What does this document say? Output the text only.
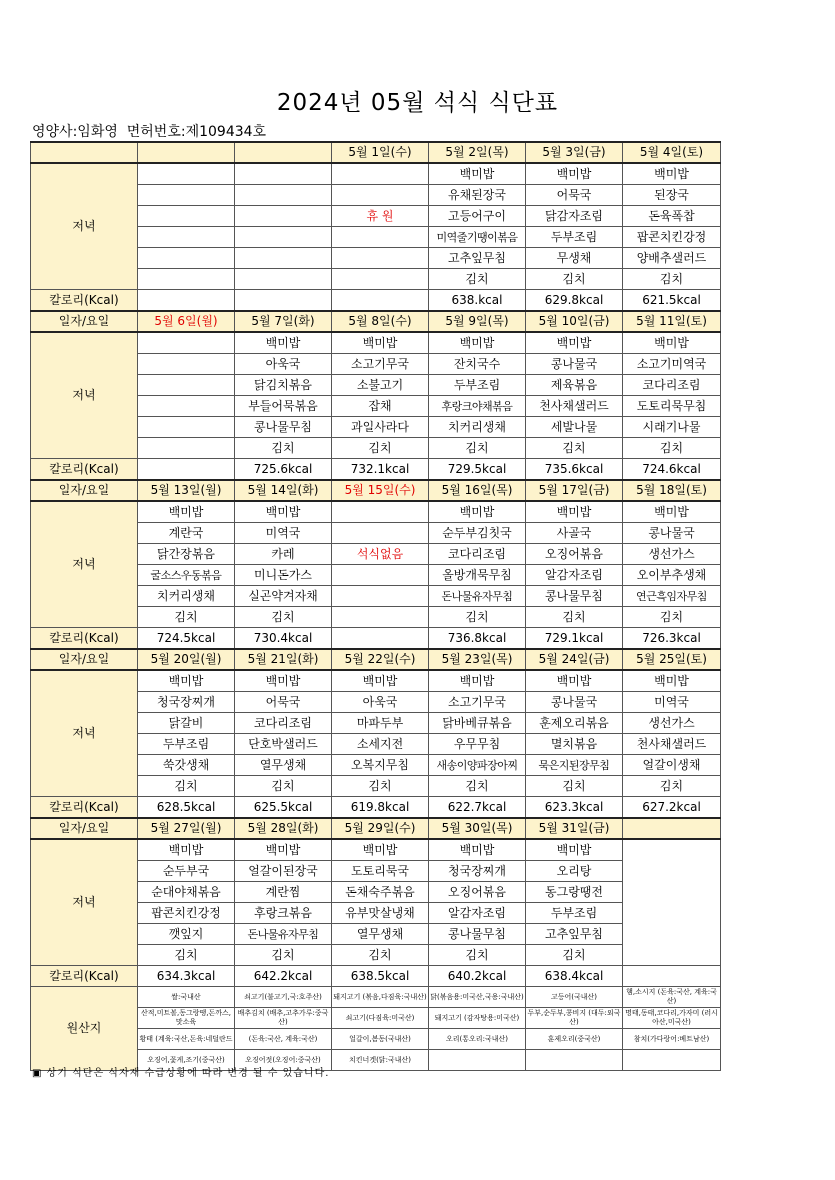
2024년 05월 석식 식단표
영양사:임화영  면허번호:제109434호
			5월 1일(수)	5월 2일(목)	5월 3일(금)	5월 4일(토)
저녁				백미밥	백미밥	백미밥
				유채된장국	어묵국	된장국
			휴 원	고등어구이	닭감자조림	돈육폭찹
				미역줄기땡이볶음	두부조림	팝콘치킨강정
				고추잎무침	무생채	양배추샐러드
				김치	김치	김치
칼로리(Kcal)				638.kcal	629.8kcal	621.5kcal
일자/요일	5월 6일(월)	5월 7일(화)	5월 8일(수)	5월 9일(목)	5월 10일(금)	5월 11일(토)
저녁		백미밥	백미밥	백미밥	백미밥	백미밥
		아욱국	소고기무국	잔치국수	콩나물국	소고기미역국
		닭김치볶음	소불고기	두부조림	제육볶음	코다리조림
		부들어묵볶음	잡채	후랑크야채볶음	천사채샐러드	도토리묵무침
		콩나물무침	과일사라다	치커리생채	세발나물	시래기나물
		김치	김치	김치	김치	김치
칼로리(Kcal)		725.6kcal	732.1kcal	729.5kcal	735.6kcal	724.6kcal
일자/요일	5월 13일(월)	5월 14일(화)	5월 15일(수)	5월 16일(목)	5월 17일(금)	5월 18일(토)
저녁	백미밥	백미밥		백미밥	백미밥	백미밥
	계란국	미역국		순두부김칫국	사골국	콩나물국
	닭간장볶음	카레	석식없음	코다리조림	오징어볶음	생선가스
	굴소스우동볶음	미니돈가스		올방개묵무침	알감자조림	오이부추생채
	치커리생채	실곤약겨자채		돈나물유자무침	콩나물무침	연근흑임자무침
	김치	김치		김치	김치	김치
칼로리(Kcal)	724.5kcal	730.4kcal		736.8kcal	729.1kcal	726.3kcal
일자/요일	5월 20일(월)	5월 21일(화)	5월 22일(수)	5월 23일(목)	5월 24일(금)	5월 25일(토)
저녁	백미밥	백미밥	백미밥	백미밥	백미밥	백미밥
	청국장찌개	어묵국	아욱국	소고기무국	콩나물국	미역국
	닭갈비	코다리조림	마파두부	닭바베큐볶음	훈제오리볶음	생선가스
	두부조림	단호박샐러드	소세지전	우무무침	멸치볶음	천사채샐러드
	쑥갓생채	열무생채	오복지무침	새송이양파장아찌	묵은지된장무침	얼갈이생채
	김치	김치	김치	김치	김치	김치
칼로리(Kcal)	628.5kcal	625.5kcal	619.8kcal	622.7kcal	623.3kcal	627.2kcal
일자/요일	5월 27일(월)	5월 28일(화)	5월 29일(수)	5월 30일(목)	5월 31일(금)	
저녁	백미밥	백미밥	백미밥	백미밥	백미밥	
	순두부국	얼갈이된장국	도토리묵국	청국장찌개	오리탕	
	순대야채볶음	계란찜	돈채숙주볶음	오징어볶음	동그랑땡전	
	팝콘치킨강정	후랑크볶음	유부맛살냉채	알감자조림	두부조림	
	깻잎지	돈나물유자무침	열무생채	콩나물무침	고추잎무침	
	김치	김치	김치	김치	김치	
칼로리(Kcal)	634.3kcal	642.2kcal	638.5kcal	640.2kcal	638.4kcal	
원산지	쌀:국내산	쇠고기(불고기,국:호주산)	돼지고기 (볶음,다짐육:국내산)	닭(볶음용:미국산,국용:국내산)	고등어(국내산)	햄,소시지 (돈육:국산, 계육:국산)
	산적,미트볼,동그랑땡,돈까스,맛소육	배추김치 (배추,고추가루:중국산)	쇠고기(다짐육:미국산)	돼지고기 (감자탕용:미국산)	두부,순두부,콩비지 (대두:외국산)	명태,동태,코다리,가자미 (러시아산,미국산)
	황태 (계육:국산,돈육:네덜란드	(돈육:국산, 계육:국산)	얼갈이,봄동(국내산)	오리(통오리:국내산)	훈제오리(중국산)	참치(가다랑어:베트남산)
	오징어,꽃게,조기(중국산)	오징어젓(오징어:중국산)	치킨너겟(닭:국내산)			
▣ 상기 식단은 식자재 수급상황에 따라 변경 될 수 있습니다.
